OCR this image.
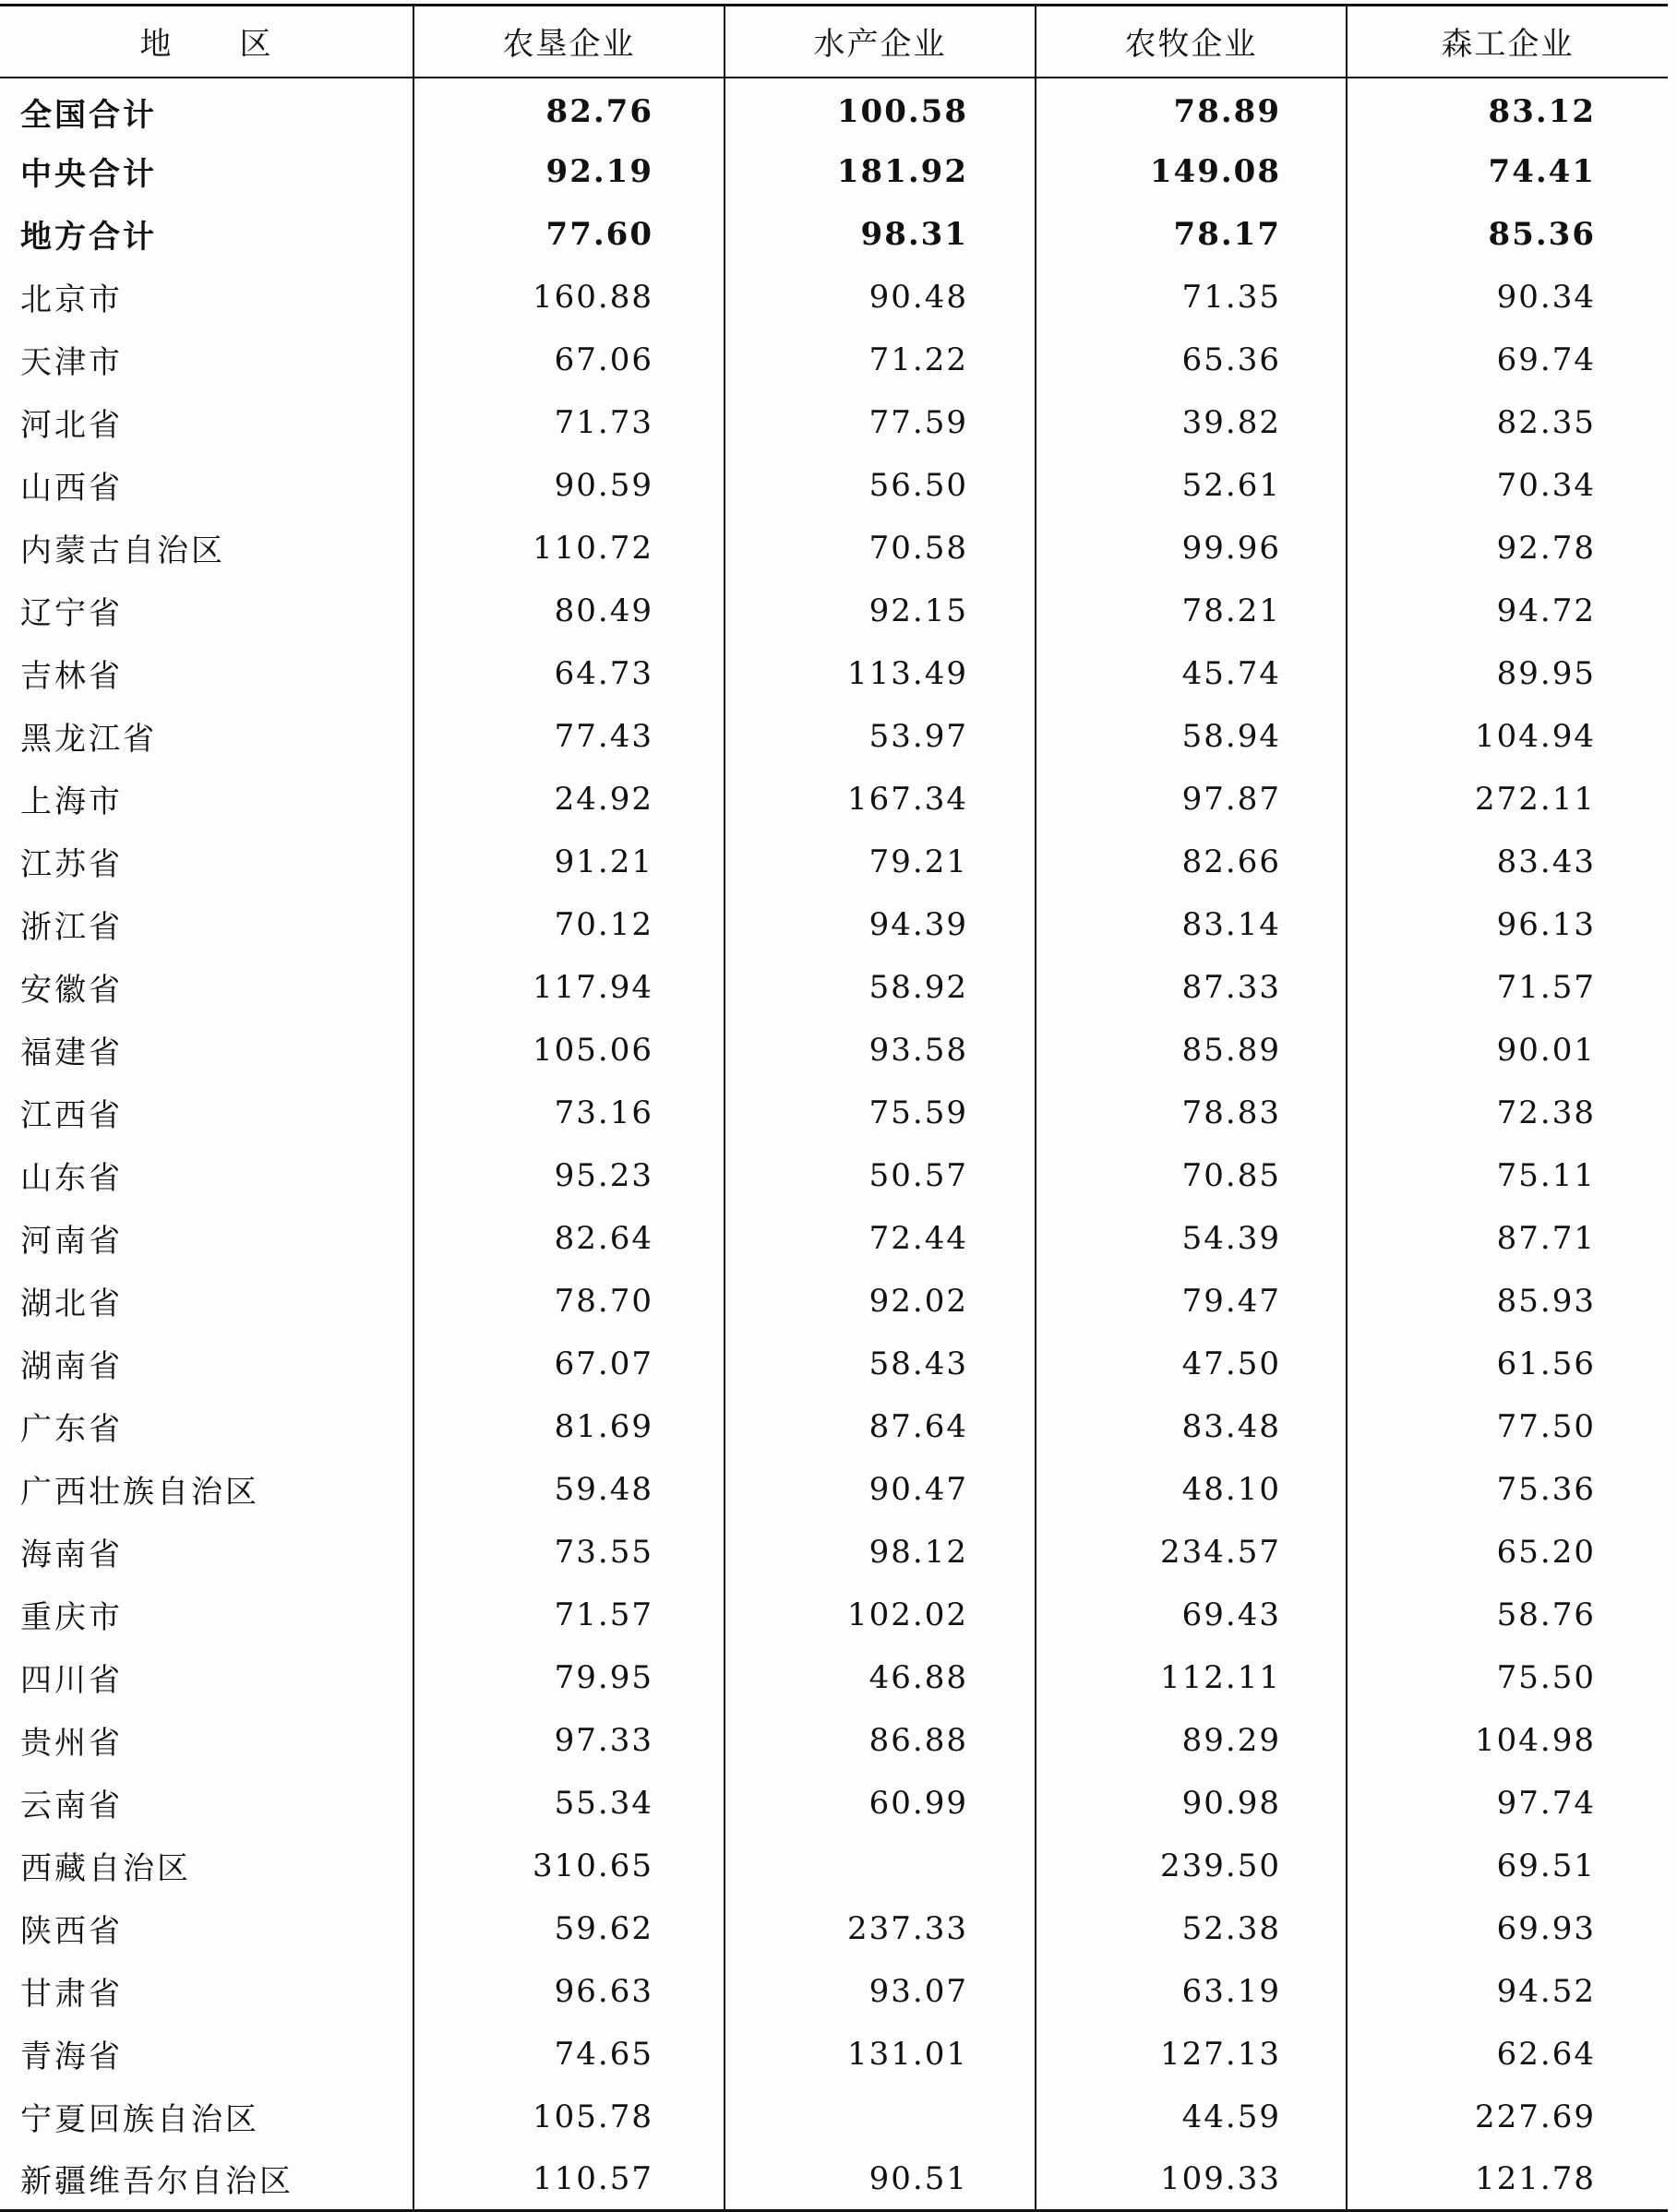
地　　区	农垦企业	水产企业	农牧企业	森工企业
全国合计	82.76	100.58	78.89	83.12
中央合计	92.19	181.92	149.08	74.41
地方合计	77.60	98.31	78.17	85.36
北京市	160.88	90.48	71.35	90.34
天津市	67.06	71.22	65.36	69.74
河北省	71.73	77.59	39.82	82.35
山西省	90.59	56.50	52.61	70.34
内蒙古自治区	110.72	70.58	99.96	92.78
辽宁省	80.49	92.15	78.21	94.72
吉林省	64.73	113.49	45.74	89.95
黑龙江省	77.43	53.97	58.94	104.94
上海市	24.92	167.34	97.87	272.11
江苏省	91.21	79.21	82.66	83.43
浙江省	70.12	94.39	83.14	96.13
安徽省	117.94	58.92	87.33	71.57
福建省	105.06	93.58	85.89	90.01
江西省	73.16	75.59	78.83	72.38
山东省	95.23	50.57	70.85	75.11
河南省	82.64	72.44	54.39	87.71
湖北省	78.70	92.02	79.47	85.93
湖南省	67.07	58.43	47.50	61.56
广东省	81.69	87.64	83.48	77.50
广西壮族自治区	59.48	90.47	48.10	75.36
海南省	73.55	98.12	234.57	65.20
重庆市	71.57	102.02	69.43	58.76
四川省	79.95	46.88	112.11	75.50
贵州省	97.33	86.88	89.29	104.98
云南省	55.34	60.99	90.98	97.74
西藏自治区	310.65		239.50	69.51
陕西省	59.62	237.33	52.38	69.93
甘肃省	96.63	93.07	63.19	94.52
青海省	74.65	131.01	127.13	62.64
宁夏回族自治区	105.78		44.59	227.69
新疆维吾尔自治区	110.57	90.51	109.33	121.78
